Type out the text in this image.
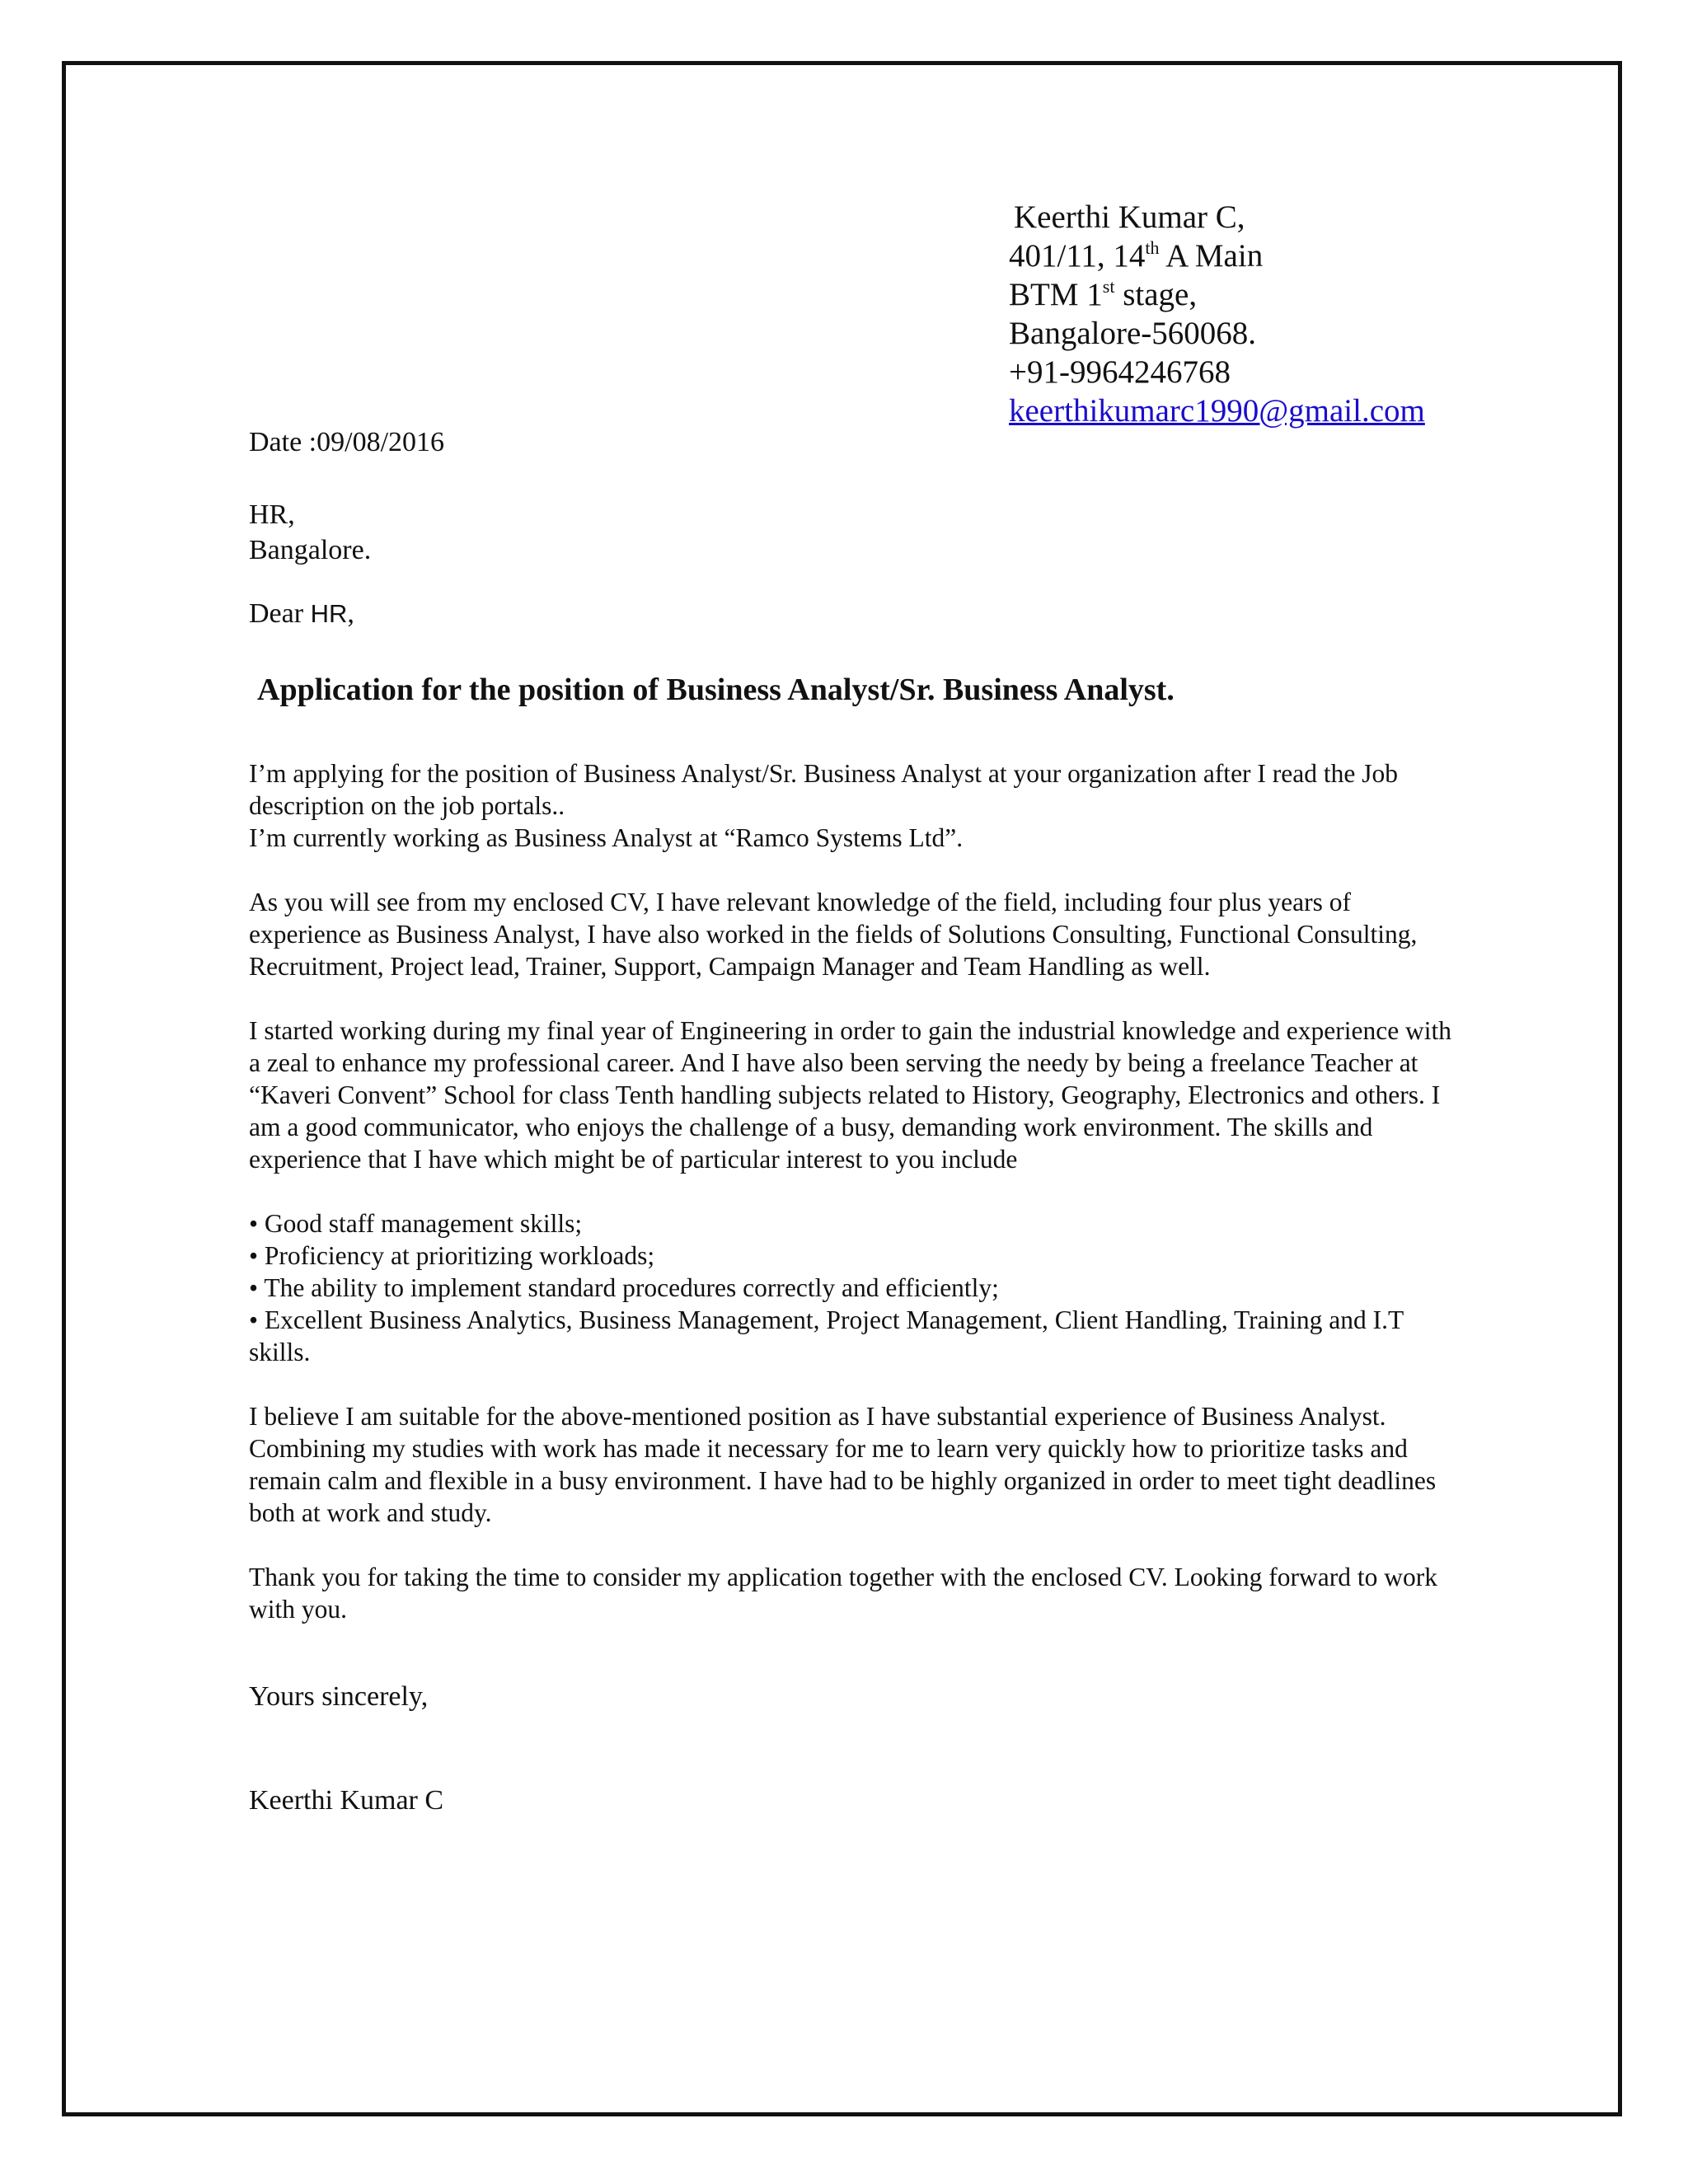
Keerthi Kumar C,
401/11, 14th A Main
BTM 1st stage,
Bangalore-560068.
+91-9964246768
keerthikumarc1990@gmail.com
Date :09/08/2016
HR,
Bangalore.
Dear HR,
Application for the position of Business Analyst/Sr. Business Analyst.

I’m applying for the position of Business Analyst/Sr. Business Analyst at your organization after I read the Job description on the job portals..
I’m currently working as Business Analyst at “Ramco Systems Ltd”.

As you will see from my enclosed CV, I have relevant knowledge of the field, including four plus years of experience as Business Analyst, I have also worked in the fields of Solutions Consulting, Functional Consulting, Recruitment, Project lead, Trainer, Support, Campaign Manager and Team Handling as well.

I started working during my final year of Engineering in order to gain the industrial knowledge and experience with a zeal to enhance my professional career. And I have also been serving the needy by being a freelance Teacher at “Kaveri Convent” School for class Tenth handling subjects related to History, Geography, Electronics and others. I am a good communicator, who enjoys the challenge of a busy, demanding work environment. The skills and experience that I have which might be of particular interest to you include

• Good staff management skills;
• Proficiency at prioritizing workloads;
• The ability to implement standard procedures correctly and efficiently;
• Excellent Business Analytics, Business Management, Project Management, Client Handling, Training and I.T skills.

I believe I am suitable for the above-mentioned position as I have substantial experience of Business Analyst. Combining my studies with work has made it necessary for me to learn very quickly how to prioritize tasks and remain calm and flexible in a busy environment. I have had to be highly organized in order to meet tight deadlines both at work and study.

Thank you for taking the time to consider my application together with the enclosed CV. Looking forward to work with you.

Yours sincerely,
Keerthi Kumar C
